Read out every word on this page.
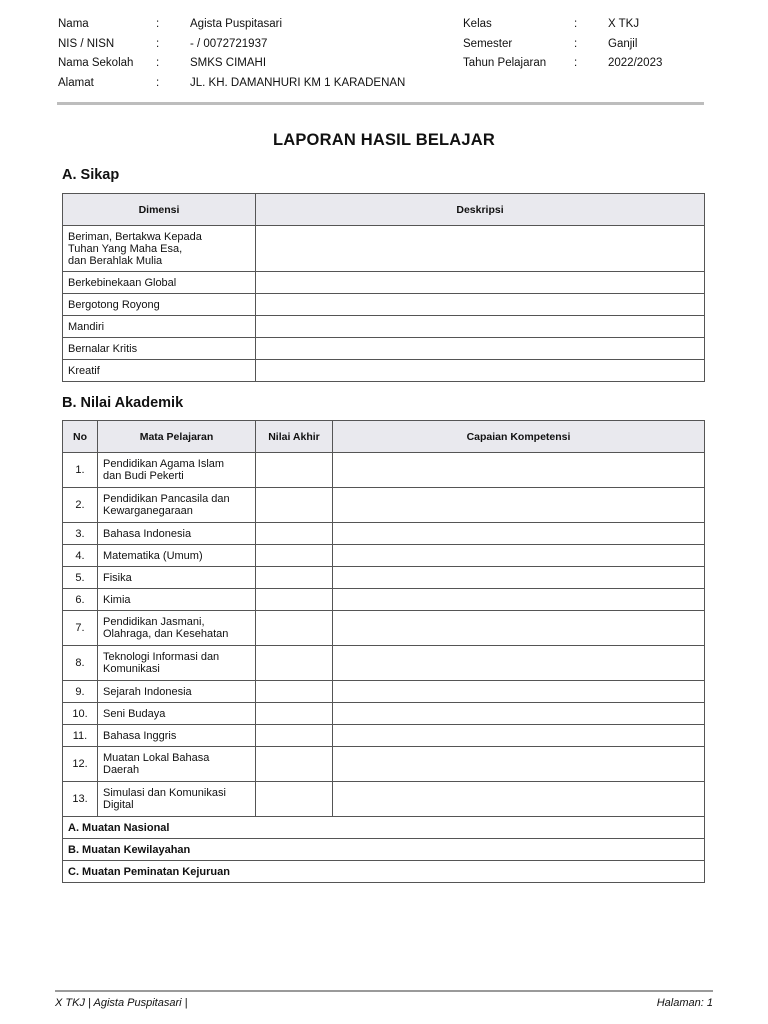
Nama	:	Agista Puspitasari	Kelas	:	X TKJ
NIS / NISN	:	- / 0072721937	Semester	:	Ganjil
Nama Sekolah :	SMKS CIMAHI	Tahun Pelajaran :	2022/2023
Alamat	:	JL. KH. DAMANHURI KM 1 KARADENAN
LAPORAN HASIL BELAJAR
A. Sikap
Dimensi	Deskripsi
Beriman, Bertakwa Kepada
Tuhan Yang Maha Esa,
dan Berahlak Mulia	
Berkebinekaan Global	
Bergotong Royong	
Mandiri	
Bernalar Kritis	
Kreatif	
B. Nilai Akademik
No	Mata Pelajaran	Nilai Akhir	Capaian Kompetensi
1.	Pendidikan Agama Islam
dan Budi Pekerti		
2.	Pendidikan Pancasila dan
Kewarganegaraan		
3.	Bahasa Indonesia		
4.	Matematika (Umum)		
5.	Fisika		
6.	Kimia		
7.	Pendidikan Jasmani,
Olahraga, dan Kesehatan		
8.	Teknologi Informasi dan
Komunikasi		
9.	Sejarah Indonesia		
10.	Seni Budaya		
11.	Bahasa Inggris		
12.	Muatan Lokal Bahasa
Daerah		
13.	Simulasi dan Komunikasi
Digital		
A. Muatan Nasional			
B. Muatan Kewilayahan			
C. Muatan Peminatan Kejuruan			
X TKJ | Agista Puspitasari |	Halaman: 1
